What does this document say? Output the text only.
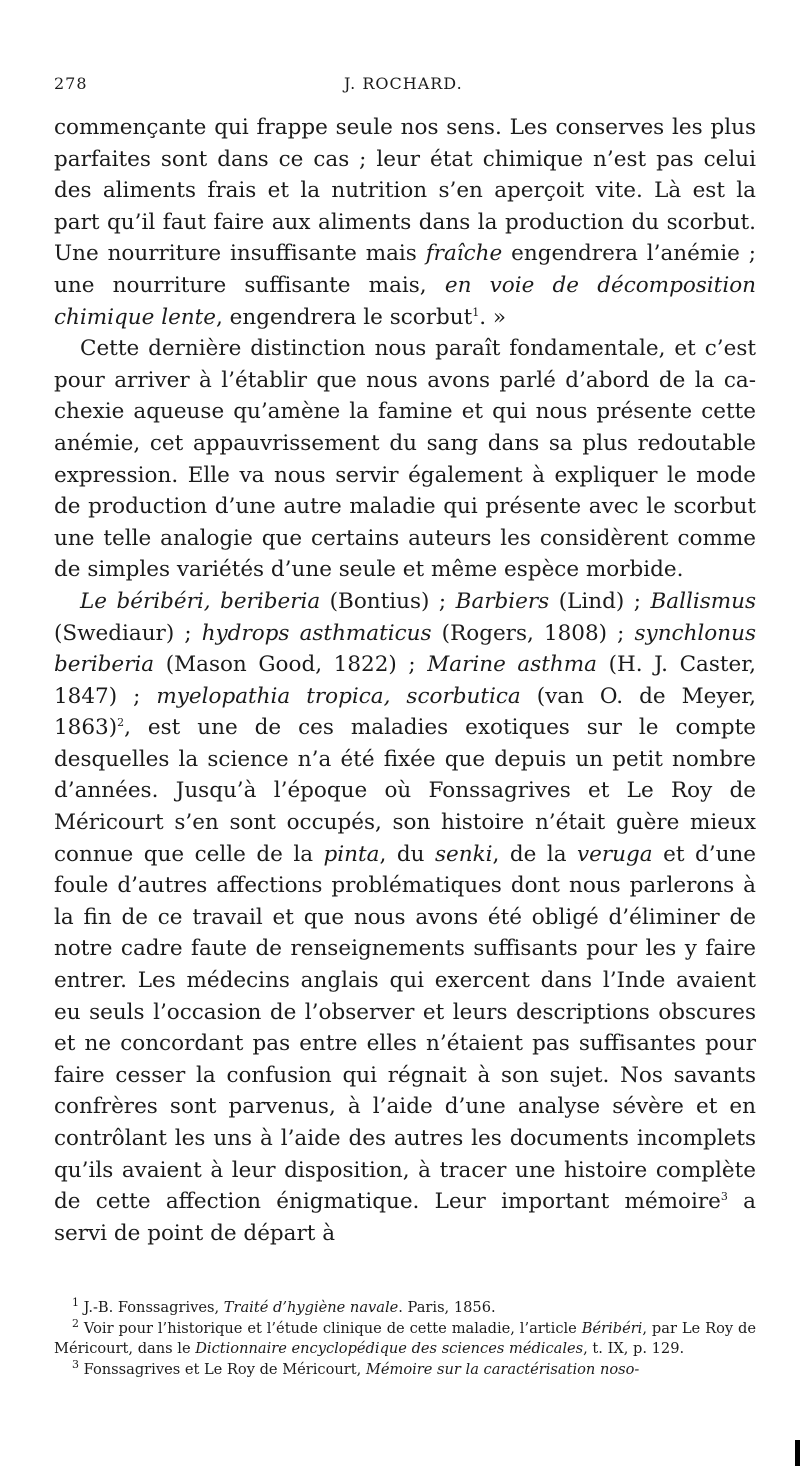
278	J. ROCHARD.

commençante qui frappe seule nos sens. Les conserves les plus parfaites sont dans ce cas ; leur état chimique n’est pas celui des aliments frais et la nutrition s’en aperçoit vite. Là est la part qu’il faut faire aux aliments dans la production du scorbut. Une nourriture insuffisante mais fraîche engendrera l’anémie ; une nourriture suffisante mais, en voie de décomposition chimique lente, engendrera le scorbut$^1$. »

Cette dernière distinction nous paraît fondamentale, et c’est pour arriver à l’établir que nous avons parlé d’abord de la cachexie aqueuse qu’amène la famine et qui nous présente cette anémie, cet appauvrissement du sang dans sa plus redoutable expression. Elle va nous servir également à expliquer le mode de production d’une autre maladie qui présente avec le scorbut une telle analogie que certains auteurs les considèrent comme de simples variétés d’une seule et même espèce morbide.

Le béribéri, beriberia (Bontius) ; Barbiers (Lind) ; Ballismus (Swediaur) ; hydrops asthmaticus (Rogers, 1808) ; synchlonus beriberia (Mason Good, 1822) ; Marine asthma (H. J. Caster, 1847) ; myelopathia tropica, scorbutica (van O. de Meyer, 1863)$^2$, est une de ces maladies exotiques sur le compte desquelles la science n’a été fixée que depuis un petit nombre d’années. Jusqu’à l’époque où Fonssagrives et Le Roy de Méricourt s’en sont occupés, son histoire n’était guère mieux connue que celle de la pinta, du senki, de la veruga et d’une foule d’autres affections problématiques dont nous parlerons à la fin de ce travail et que nous avons été obligé d’éliminer de notre cadre faute de renseignements suffisants pour les y faire entrer. Les médecins anglais qui exercent dans l’Inde avaient eu seuls l’occasion de l’observer et leurs descriptions obscures et ne concordant pas entre elles n’étaient pas suffisantes pour faire cesser la confusion qui régnait à son sujet. Nos savants confrères sont parvenus, à l’aide d’une analyse sévère et en contrôlant les uns à l’aide des autres les documents incomplets qu’ils avaient à leur disposition, à tracer une histoire complète de cette affection énigmatique. Leur important mémoire$^3$ a servi de point de départ à

$^1$ J.-B. Fonssagrives, Traité d’hygiène navale. Paris, 1856.

$^2$ Voir pour l’historique et l’étude clinique de cette maladie, l’article Béribéri, par Le Roy de Méricourt, dans le Dictionnaire encyclopédique des sciences médicales, t. IX, p. 129.

$^3$ Fonssagrives et Le Roy de Méricourt, Mémoire sur la caractérisation noso-
